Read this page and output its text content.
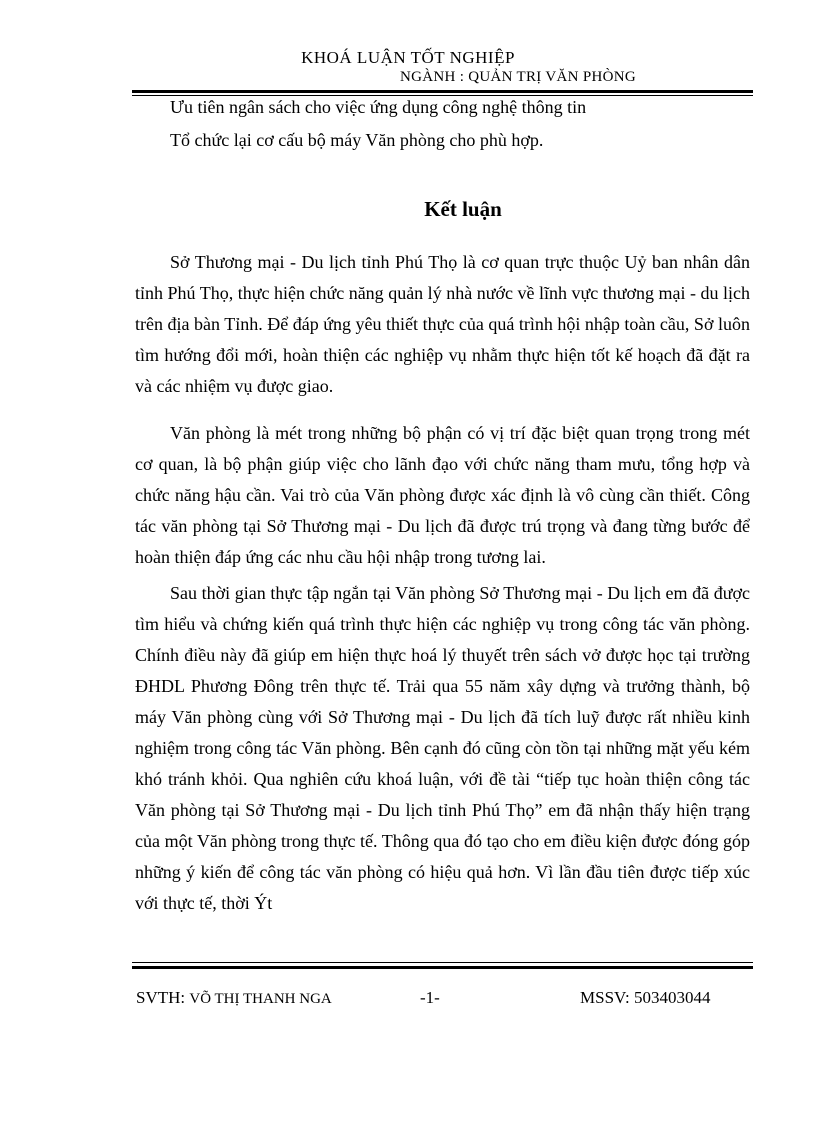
KHOÁ LUẬN TỐT NGHIỆP
NGÀNH : QUẢN TRỊ VĂN PHÒNG
Ưu tiên ngân sách cho việc ứng dụng công nghệ thông tin
Tổ chức lại cơ cấu bộ máy Văn phòng cho phù hợp.
Kết luận

Sở Thương mại - Du lịch tỉnh Phú Thọ là cơ quan trực thuộc Uỷ ban nhân dân tỉnh Phú Thọ, thực hiện chức năng quản lý nhà nước về lĩnh vực thương mại - du lịch trên địa bàn Tỉnh. Để đáp ứng yêu thiết thực của quá trình hội nhập toàn cầu, Sở luôn tìm hướng đổi mới, hoàn thiện các nghiệp vụ nhằm thực hiện tốt kế hoạch đã đặt ra và các nhiệm vụ được giao.

Văn phòng là mét trong những bộ phận có vị trí đặc biệt quan trọng trong mét cơ quan, là bộ phận giúp việc cho lãnh đạo với chức năng tham mưu, tổng hợp và chức năng hậu cần. Vai trò của Văn phòng được xác định là vô cùng cần thiết. Công tác văn phòng tại Sở Thương mại - Du lịch đã được trú trọng và đang từng bước để hoàn thiện đáp ứng các nhu cầu hội nhập trong tương lai.

Sau thời gian thực tập ngắn tại Văn phòng Sở Thương mại - Du lịch em đã được tìm hiểu và chứng kiến quá trình thực hiện các nghiệp vụ trong công tác văn phòng. Chính điều này đã giúp em hiện thực hoá lý thuyết trên sách vở được học tại trường ĐHDL Phương Đông trên thực tế. Trải qua 55 năm xây dựng và trưởng thành, bộ máy Văn phòng cùng với Sở Thương mại - Du lịch đã tích luỹ được rất nhiều kinh nghiệm trong công tác Văn phòng. Bên cạnh đó cũng còn tồn tại những mặt yếu kém khó tránh khỏi. Qua nghiên cứu khoá luận, với đề tài “tiếp tục hoàn thiện công tác Văn phòng tại Sở Thương mại - Du lịch tỉnh Phú Thọ” em đã nhận thấy hiện trạng của một Văn phòng trong thực tế. Thông qua đó tạo cho em điều kiện được đóng góp những ý kiến để công tác văn phòng có hiệu quả hơn. Vì lần đầu tiên được tiếp xúc với thực tế, thời Ýt

SVTH: VÕ THỊ THANH NGA	-1-	MSSV: 503403044
